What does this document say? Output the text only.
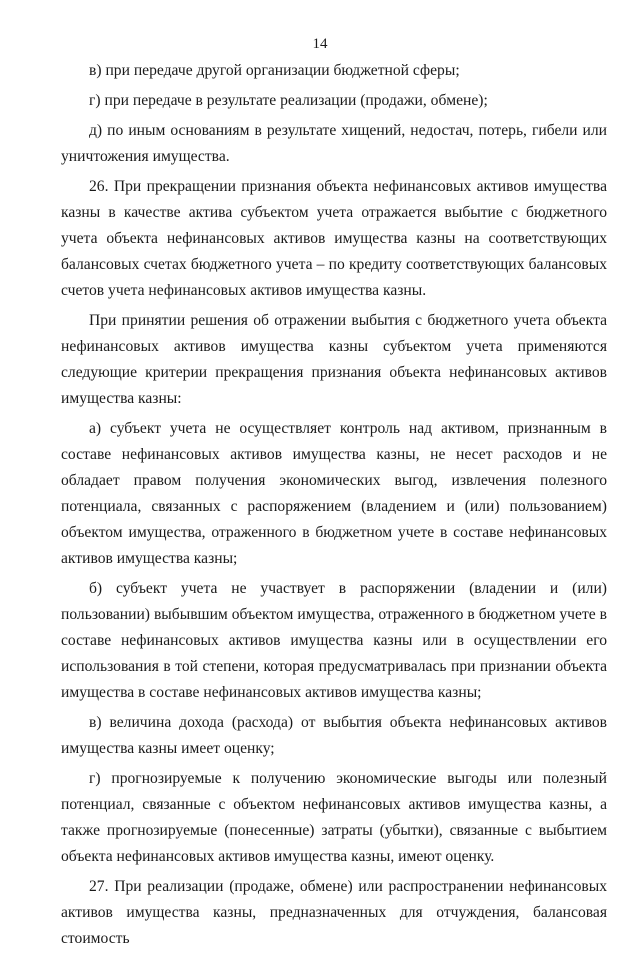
14

в) при передаче другой организации бюджетной сферы;

г) при передаче в результате реализации (продажи, обмене);

д) по иным основаниям в результате хищений, недостач, потерь, гибели или уничтожения имущества.

26. При прекращении признания объекта нефинансовых активов имущества казны в качестве актива субъектом учета отражается выбытие с бюджетного учета объекта нефинансовых активов имущества казны на соответствующих балансовых счетах бюджетного учета – по кредиту соответствующих балансовых счетов учета нефинансовых активов имущества казны.

При принятии решения об отражении выбытия с бюджетного учета объекта нефинансовых активов имущества казны субъектом учета применяются следующие критерии прекращения признания объекта нефинансовых активов имущества казны:

а) субъект учета не осуществляет контроль над активом, признанным в составе нефинансовых активов имущества казны, не несет расходов и не обладает правом получения экономических выгод, извлечения полезного потенциала, связанных с распоряжением (владением и (или) пользованием) объектом имущества, отраженного в бюджетном учете в составе нефинансовых активов имущества казны;

б) субъект учета не участвует в распоряжении (владении и (или) пользовании) выбывшим объектом имущества, отраженного в бюджетном учете в составе нефинансовых активов имущества казны или в осуществлении его использования в той степени, которая предусматривалась при признании объекта имущества в составе нефинансовых активов имущества казны;

в) величина дохода (расхода) от выбытия объекта нефинансовых активов имущества казны имеет оценку;

г) прогнозируемые к получению экономические выгоды или полезный потенциал, связанные с объектом нефинансовых активов имущества казны, а также прогнозируемые (понесенные) затраты (убытки), связанные с выбытием объекта нефинансовых активов имущества казны, имеют оценку.

27. При реализации (продаже, обмене) или распространении нефинансовых активов имущества казны, предназначенных для отчуждения, балансовая стоимость
